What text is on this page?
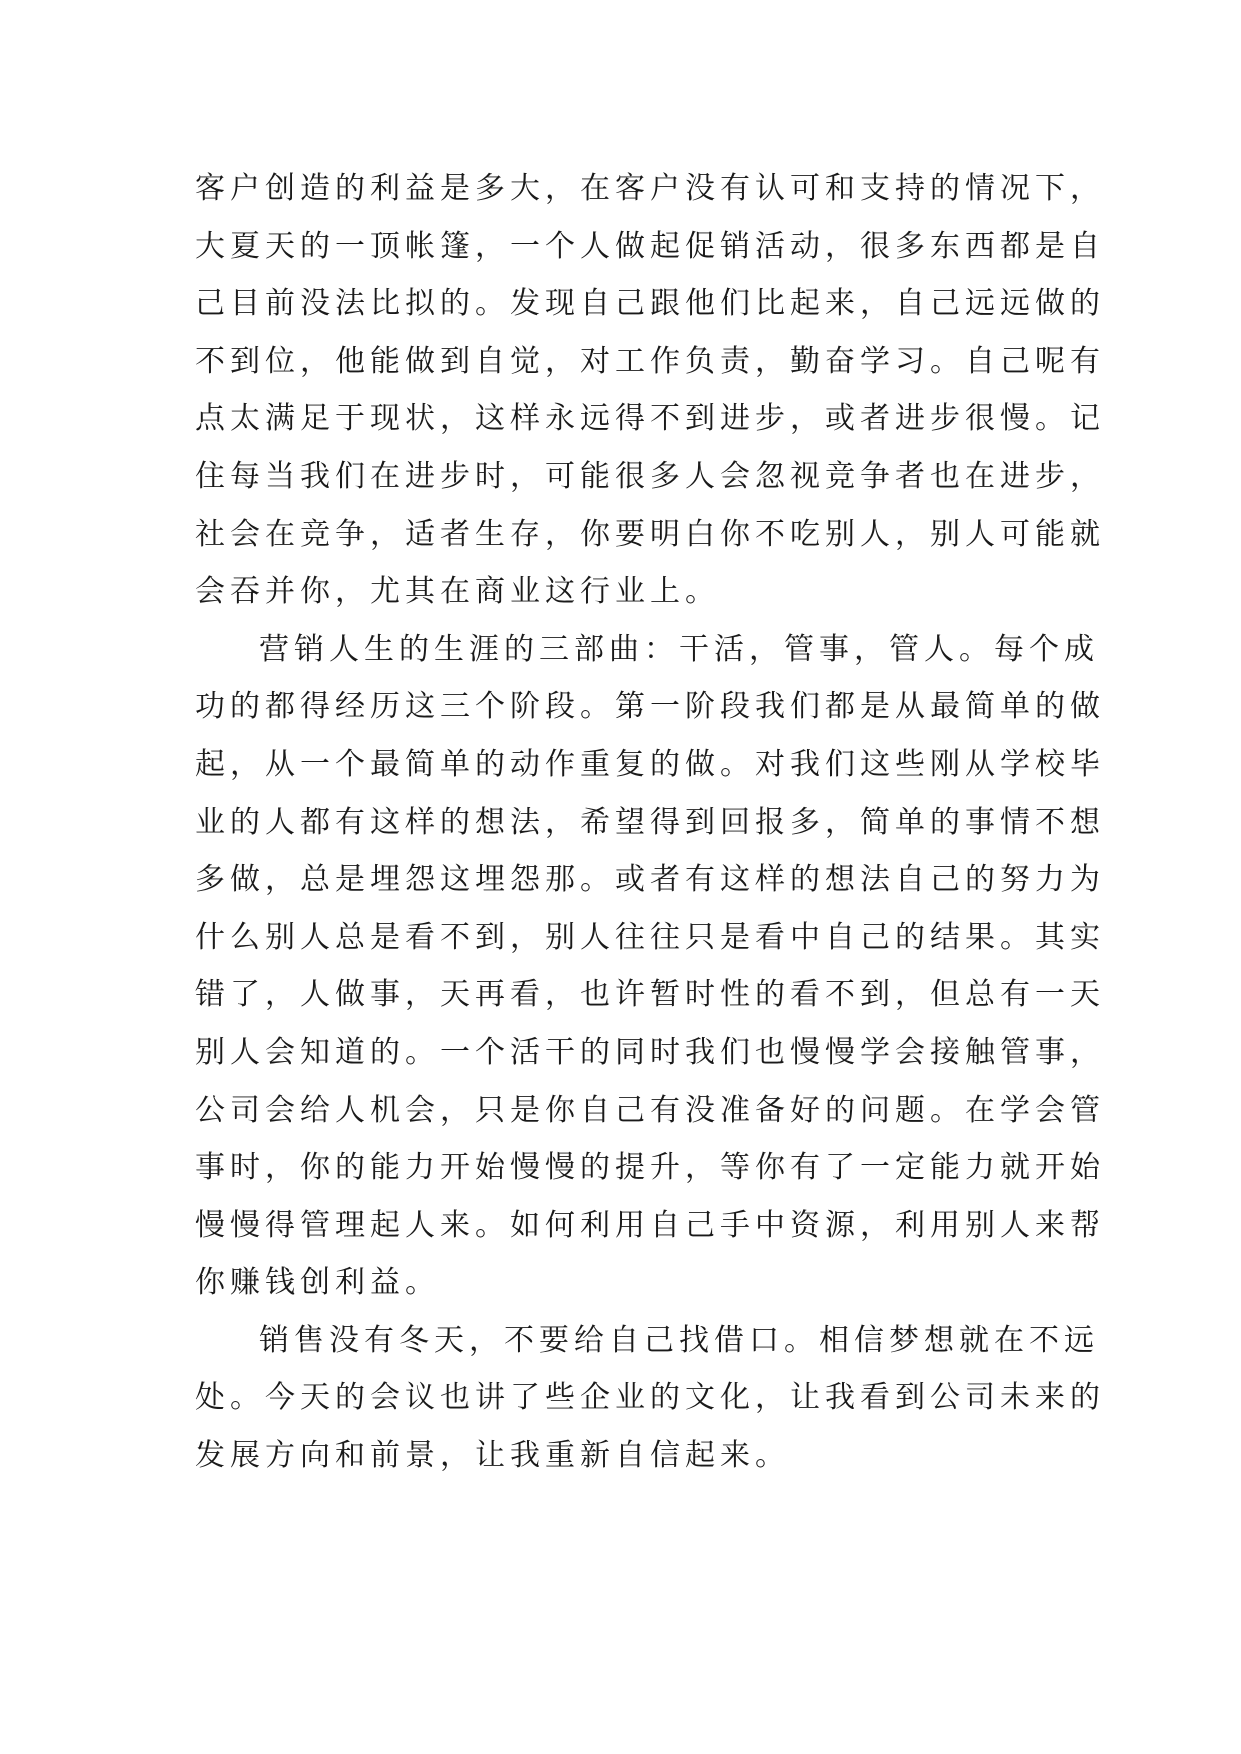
客户创造的利益是多大，在客户没有认可和支持的情况下，
大夏天的一顶帐篷，一个人做起促销活动，很多东西都是自
己目前没法比拟的。发现自己跟他们比起来，自己远远做的
不到位，他能做到自觉，对工作负责，勤奋学习。自己呢有
点太满足于现状，这样永远得不到进步，或者进步很慢。记
住每当我们在进步时，可能很多人会忽视竞争者也在进步，
社会在竞争，适者生存，你要明白你不吃别人，别人可能就
会吞并你，尤其在商业这行业上。
营销人生的生涯的三部曲：干活，管事，管人。每个成
功的都得经历这三个阶段。第一阶段我们都是从最简单的做
起，从一个最简单的动作重复的做。对我们这些刚从学校毕
业的人都有这样的想法，希望得到回报多，简单的事情不想
多做，总是埋怨这埋怨那。或者有这样的想法自己的努力为
什么别人总是看不到，别人往往只是看中自己的结果。其实
错了，人做事，天再看，也许暂时性的看不到，但总有一天
别人会知道的。一个活干的同时我们也慢慢学会接触管事，
公司会给人机会，只是你自己有没准备好的问题。在学会管
事时，你的能力开始慢慢的提升，等你有了一定能力就开始
慢慢得管理起人来。如何利用自己手中资源，利用别人来帮
你赚钱创利益。
销售没有冬天，不要给自己找借口。相信梦想就在不远
处。今天的会议也讲了些企业的文化，让我看到公司未来的
发展方向和前景，让我重新自信起来。
